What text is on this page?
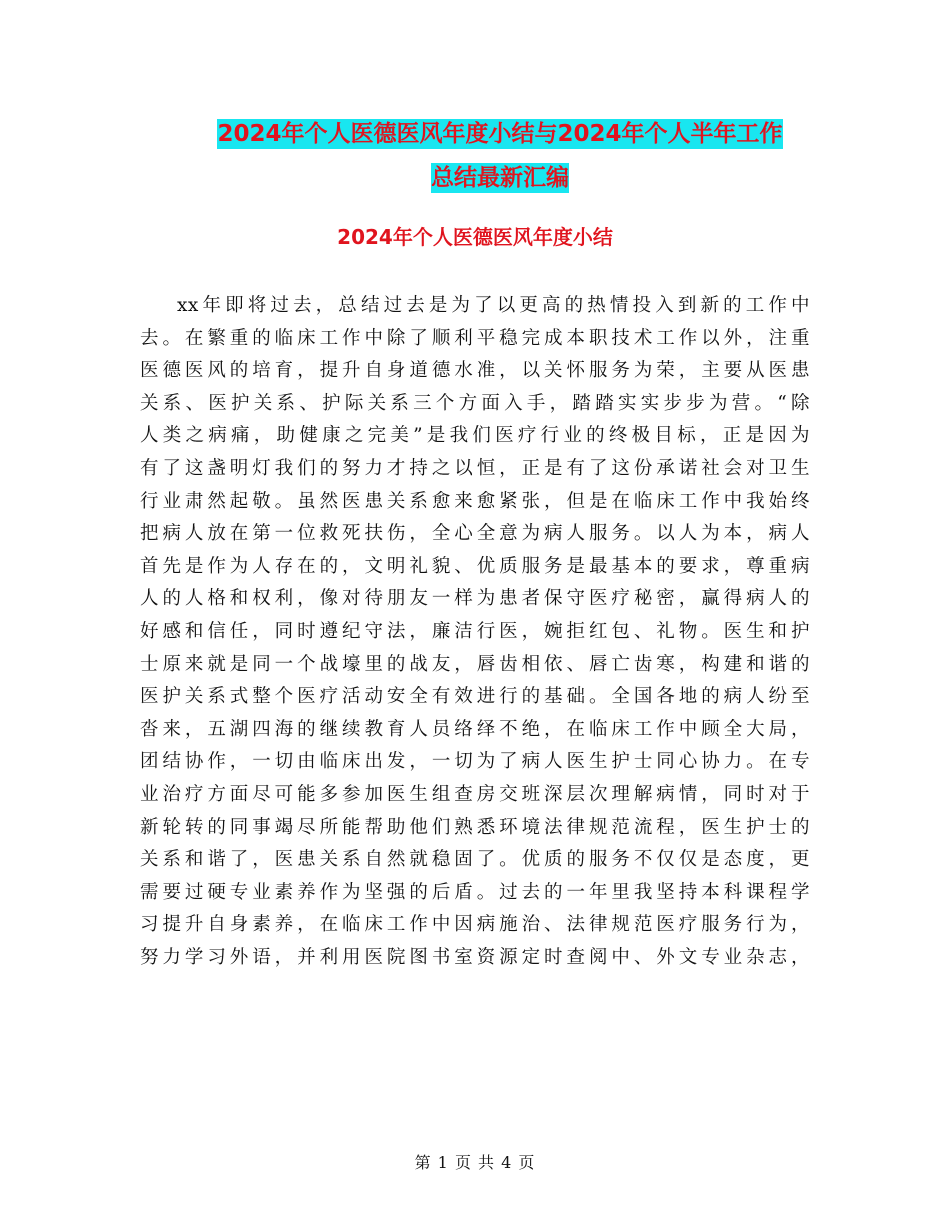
2024年个人医德医风年度小结与2024年个人半年工作
总结最新汇编
2024年个人医德医风年度小结
xx年即将过去，总结过去是为了以更高的热情投入到新的工作中
去。在繁重的临床工作中除了顺利平稳完成本职技术工作以外，注重
医德医风的培育，提升自身道德水准，以关怀服务为荣，主要从医患
关系、医护关系、护际关系三个方面入手，踏踏实实步步为营。“除
人类之病痛，助健康之完美”是我们医疗行业的终极目标，正是因为
有了这盏明灯我们的努力才持之以恒，正是有了这份承诺社会对卫生
行业肃然起敬。虽然医患关系愈来愈紧张，但是在临床工作中我始终
把病人放在第一位救死扶伤，全心全意为病人服务。以人为本，病人
首先是作为人存在的，文明礼貌、优质服务是最基本的要求，尊重病
人的人格和权利，像对待朋友一样为患者保守医疗秘密，赢得病人的
好感和信任，同时遵纪守法，廉洁行医，婉拒红包、礼物。医生和护
士原来就是同一个战壕里的战友，唇齿相依、唇亡齿寒，构建和谐的
医护关系式整个医疗活动安全有效进行的基础。全国各地的病人纷至
沓来，五湖四海的继续教育人员络绎不绝，在临床工作中顾全大局，
团结协作，一切由临床出发，一切为了病人医生护士同心协力。在专
业治疗方面尽可能多参加医生组查房交班深层次理解病情，同时对于
新轮转的同事竭尽所能帮助他们熟悉环境法律规范流程，医生护士的
关系和谐了，医患关系自然就稳固了。优质的服务不仅仅是态度，更
需要过硬专业素养作为坚强的后盾。过去的一年里我坚持本科课程学
习提升自身素养，在临床工作中因病施治、法律规范医疗服务行为，
努力学习外语，并利用医院图书室资源定时查阅中、外文专业杂志，
第 1 页 共 4 页
